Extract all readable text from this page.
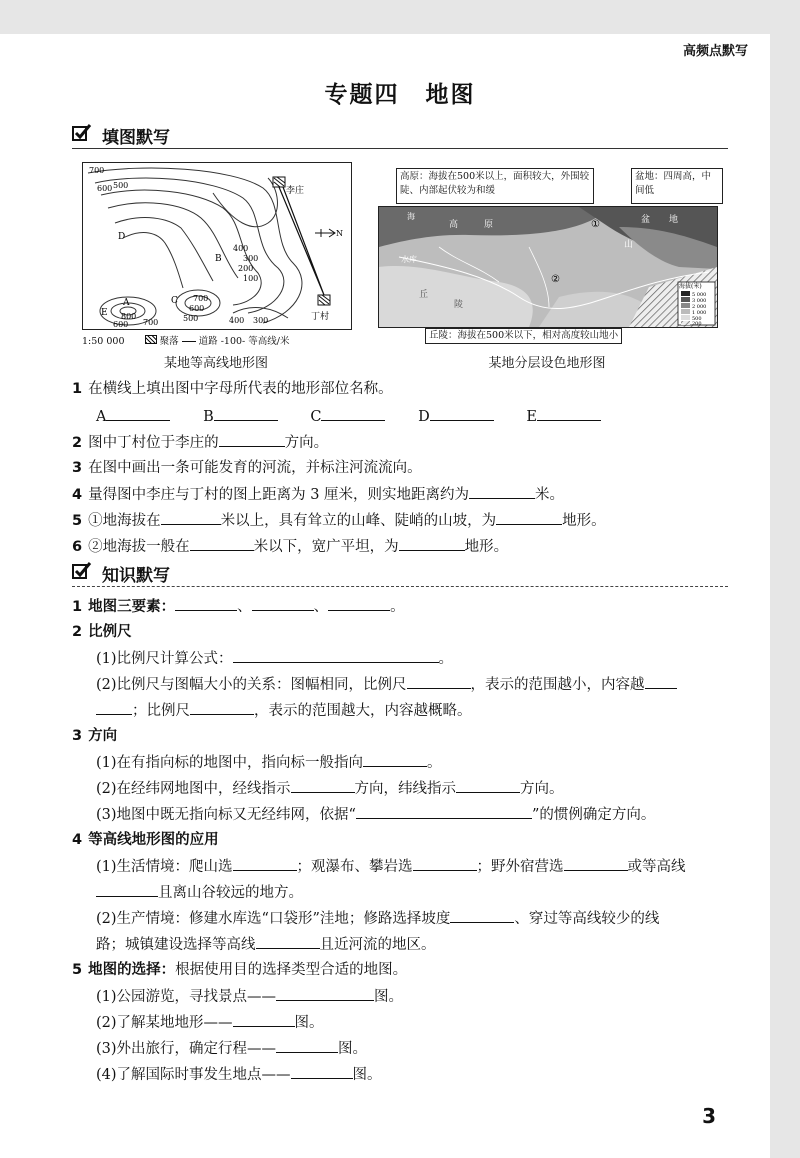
高频点默写
专题四 地图
填图默写
700
600 500
400
300
200
100
700
600
500	400 300
800
700
600
A
B
C
D
E
李庄
丁村
N
1:50 000	聚落 道路 -100- 等高线/米
某地等高线地形图
海拔(米)
5 000
3 000
2 000
1 000
500
200
高	原
海	盆 地
水库
山
①
②
丘
陵
高原：海拔在500米以上，面积较大，外围较陡、内部起伏较为和缓
盆地：四周高，中间低
丘陵：海拔在500米以下，相对高度较山地小
某地分层设色地形图
1 在横线上填出图中字母所代表的地形部位名称。
A	B	C	D	E
2 图中丁村位于李庄的	方向。
3 在图中画出一条可能发育的河流，并标注河流流向。
4 量得图中李庄与丁村的图上距离为 3 厘米，则实地距离约为	米。
5 ①地海拔在	米以上，具有耸立的山峰、陡峭的山坡，为	地形。
6 ②地海拔一般在	米以下，宽广平坦，为	地形。
知识默写
1 地图三要素：	、	、	。
2 比例尺
(1)比例尺计算公式：	。
(2)比例尺与图幅大小的关系：图幅相同，比例尺	，表示的范围越小，内容越
；比例尺	，表示的范围越大，内容越概略。
3 方向
(1)在有指向标的地图中，指向标一般指向	。
(2)在经纬网地图中，经线指示	方向，纬线指示	方向。
(3)地图中既无指向标又无经纬网，依据“	”的惯例确定方向。
4 等高线地形图的应用
(1)生活情境：爬山选	；观瀑布、攀岩选	；野外宿营选	或等高线
且离山谷较远的地方。
(2)生产情境：修建水库选“口袋形”洼地；修路选择坡度	、穿过等高线较少的线
路；城镇建设选择等高线	且近河流的地区。
5 地图的选择：根据使用目的选择类型合适的地图。
(1)公园游览，寻找景点——	图。
(2)了解某地地形——	图。
(3)外出旅行，确定行程——	图。
(4)了解国际时事发生地点——	图。
3
